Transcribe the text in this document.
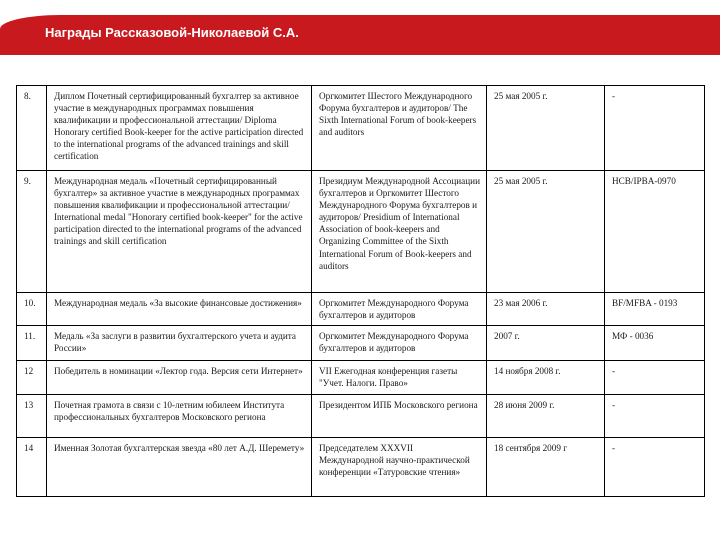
Награды Рассказовой-Николаевой С.А.
8.	Диплом Почетный сертифицированный бухгалтер за активное участие в международных программах повышения квалификации и профессиональной аттестации/ Diploma Honorary certified Book-keeper for the active participation directed to the international programs of the advanced trainings and skill certification	Оргкомитет Шестого Международного Форума бухгалтеров и аудиторов/ The Sixth International Forum of book-keepers and auditors	25 мая 2005 г.	-
9.	Международная медаль «Почетный сертифицированный бухгалтер» за активное участие в международных программах повышения квалификации и профессиональной аттестации/ International medal "Honorary certified book-keeper" for the active participation directed to the international programs of the advanced trainings and skill certification	Президиум Международной Ассоциации бухгалтеров и Оргкомитет Шестого Международного Форума бухгалтеров и аудиторов/ Presidium of International Association of book-keepers and Organizing Committee of the Sixth International Forum of Book-keepers and auditors	25 мая 2005 г.	HCB/IPBA-0970
10.	Международная медаль «За высокие финансовые достижения»	Оргкомитет Международного Форума бухгалтеров и аудиторов	23 мая 2006 г.	BF/MFBA - 0193
11.	Медаль «За заслуги в развитии бухгалтерского учета и аудита России»	Оргкомитет Международного Форума бухгалтеров и аудиторов	2007 г.	МФ - 0036
12	Победитель в номинации «Лектор года. Версия сети Интернет»	VII Ежегодная конференция газеты "Учет. Налоги. Право»	14 ноября 2008 г.	-
13	Почетная грамота в связи с 10-летним юбилеем Института профессиональных бухгалтеров Московского региона	Президентом ИПБ Московского региона	28 июня 2009 г.	-
14	Именная Золотая бухгалтерская звезда «80 лет А.Д. Шеремету»	Председателем XXXVII Международной научно-практической конференции «Татуровские чтения»	18 сентября 2009 г	-
